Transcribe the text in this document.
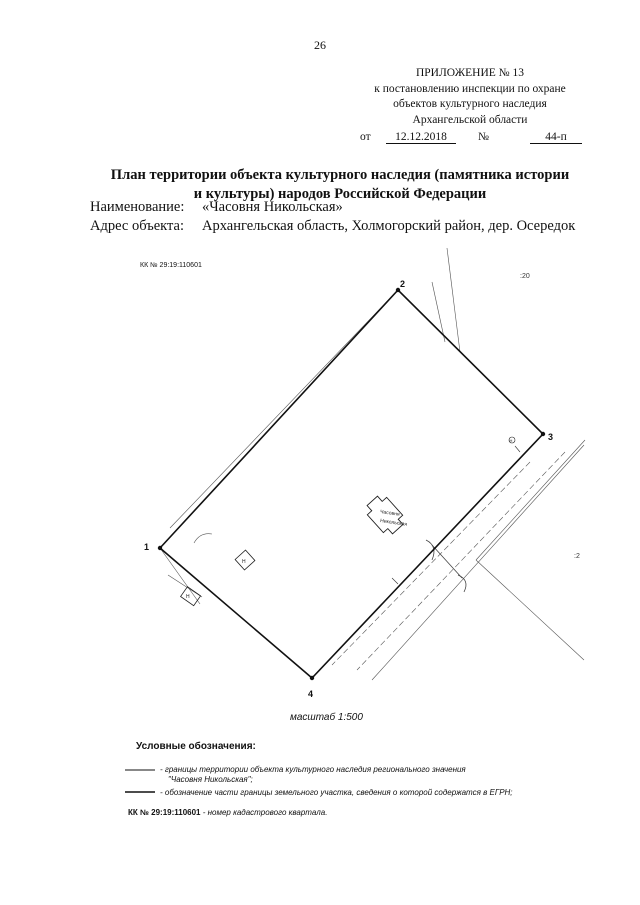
26
ПРИЛОЖЕНИЕ № 13
к постановлению инспекции по охране
объектов культурного наследия
Архангельской области
от	12.12.2018	№	44-п
План территории объекта культурного наследия (памятника истории
и культуры) народов Российской Федерации
Наименование: «Часовня Никольская»
Адрес объекта: Архангельская область, Холмогорский район, дер. Осередок
КК № 29:19:110601
1
2
3
4
:20
:2
Часовня
Никольская
Н
Н
Н
масштаб 1:500
Условные обозначения:
- границы территории объекта культурного наследия регионального значения
"Часовня Никольская";
- обозначение части границы земельного участка, сведения о которой содержатся в ЕГРН;
КК № 29:19:110601 - номер кадастрового квартала.
